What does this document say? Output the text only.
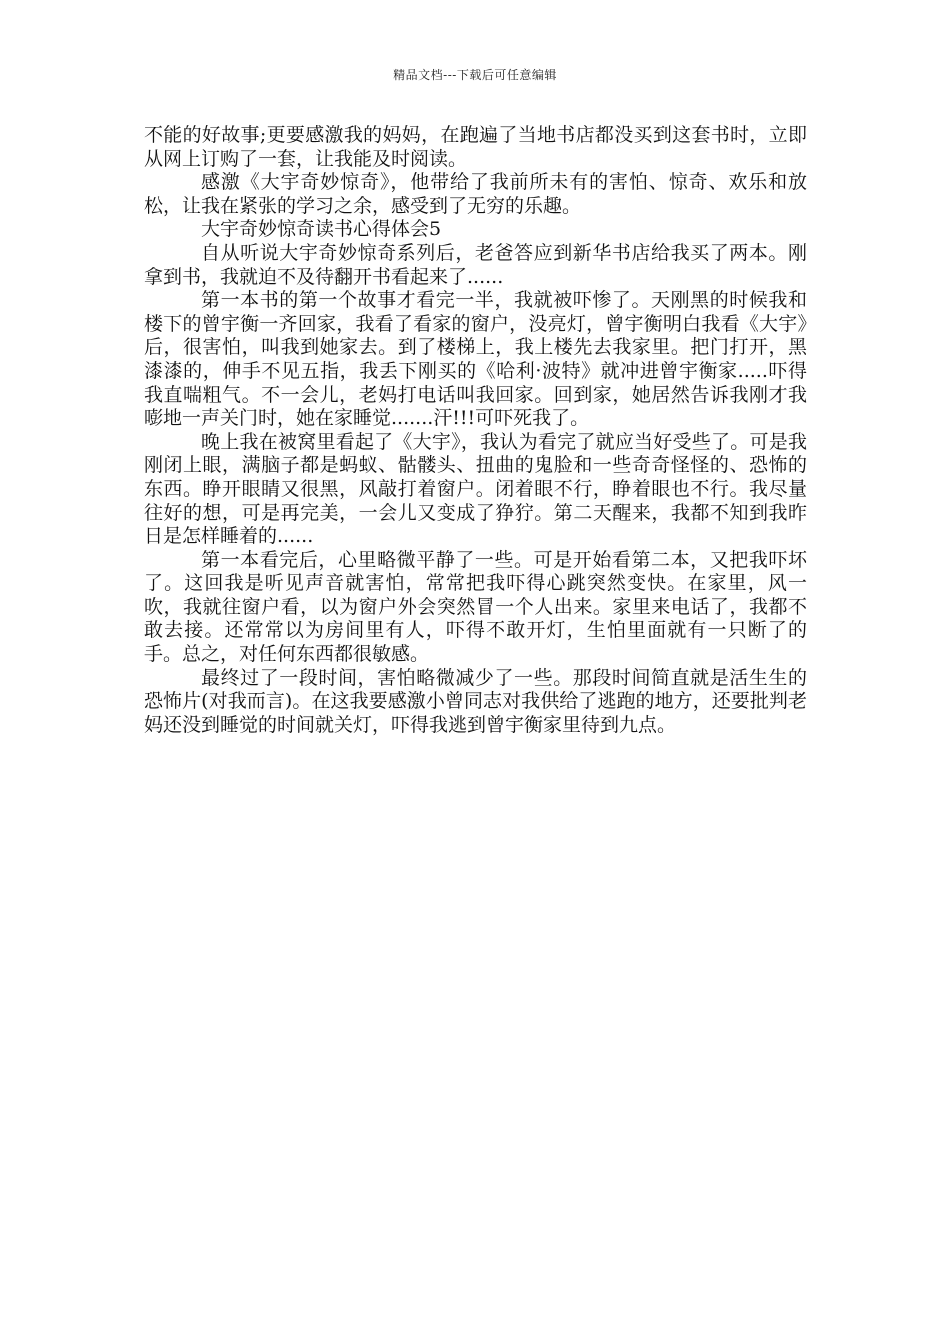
精品文档---下载后可任意编辑

不能的好故事;更要感激我的妈妈，在跑遍了当地书店都没买到这套书时，立即从网上订购了一套，让我能及时阅读。

感激《大宇奇妙惊奇》，他带给了我前所未有的害怕、惊奇、欢乐和放松，让我在紧张的学习之余，感受到了无穷的乐趣。

大宇奇妙惊奇读书心得体会5

自从听说大宇奇妙惊奇系列后，老爸答应到新华书店给我买了两本。刚拿到书，我就迫不及待翻开书看起来了......

第一本书的第一个故事才看完一半，我就被吓惨了。天刚黑的时候我和楼下的曾宇衡一齐回家，我看了看家的窗户，没亮灯，曾宇衡明白我看《大宇》后，很害怕，叫我到她家去。到了楼梯上，我上楼先去我家里。把门打开，黑漆漆的，伸手不见五指，我丢下刚买的《哈利·波特》就冲进曾宇衡家.....吓得我直喘粗气。不一会儿，老妈打电话叫我回家。回到家，她居然告诉我刚才我嘭地一声关门时，她在家睡觉.......汗!!!可吓死我了。

晚上我在被窝里看起了《大宇》，我认为看完了就应当好受些了。可是我刚闭上眼，满脑子都是蚂蚁、骷髅头、扭曲的鬼脸和一些奇奇怪怪的、恐怖的东西。睁开眼睛又很黑，风敲打着窗户。闭着眼不行，睁着眼也不行。我尽量往好的想，可是再完美，一会儿又变成了狰狞。第二天醒来，我都不知到我昨日是怎样睡着的......

第一本看完后，心里略微平静了一些。可是开始看第二本，又把我吓坏了。这回我是听见声音就害怕，常常把我吓得心跳突然变快。在家里，风一吹，我就往窗户看，以为窗户外会突然冒一个人出来。家里来电话了，我都不敢去接。还常常以为房间里有人，吓得不敢开灯，生怕里面就有一只断了的手。总之，对任何东西都很敏感。

最终过了一段时间，害怕略微减少了一些。那段时间简直就是活生生的恐怖片(对我而言)。在这我要感激小曾同志对我供给了逃跑的地方，还要批判老妈还没到睡觉的时间就关灯，吓得我逃到曾宇衡家里待到九点。
